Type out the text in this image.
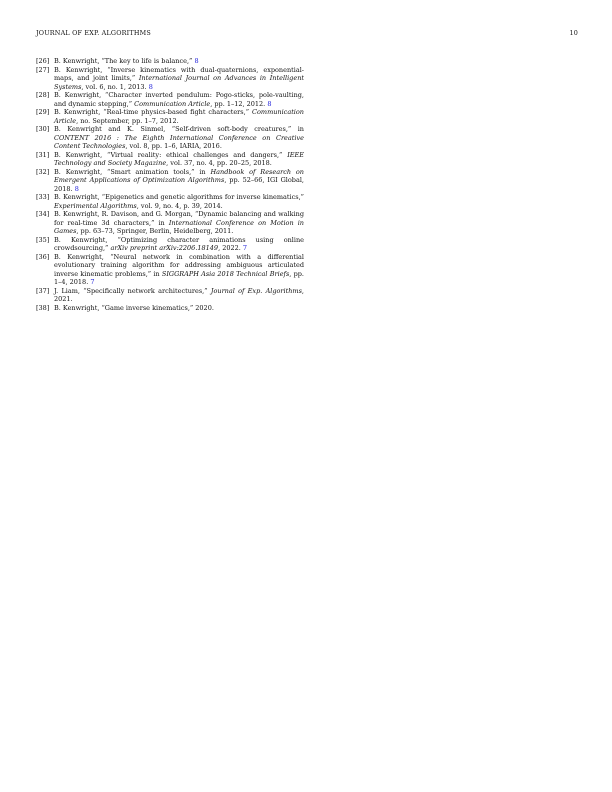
JOURNAL OF EXP. ALGORITHMS	10
[26] B. Kenwright, “The key to life is balance,” 8
[27] B. Kenwright, “Inverse kinematics with dual-quaternions, exponential-maps, and joint limits,” International Journal on Advances in Intelligent Systems, vol. 6, no. 1, 2013. 8
[28] B. Kenwright, “Character inverted pendulum: Pogo-sticks, pole-vaulting, and dynamic stepping,” Communication Article, pp. 1–12, 2012. 8
[29] B. Kenwright, “Real-time physics-based fight characters,” Communication Article, no. September, pp. 1–7, 2012.
[30] B. Kenwright and K. Sinmel, “Self-driven soft-body creatures,” in CONTENT 2016 : The Eighth International Conference on Creative Content Technologies, vol. 8, pp. 1–6, IARIA, 2016.
[31] B. Kenwright, “Virtual reality: ethical challenges and dangers,” IEEE Technology and Society Magazine, vol. 37, no. 4, pp. 20–25, 2018.
[32] B. Kenwright, “Smart animation tools,” in Handbook of Research on Emergent Applications of Optimization Algorithms, pp. 52–66, IGI Global, 2018. 8
[33] B. Kenwright, “Epigenetics and genetic algorithms for inverse kinematics,” Experimental Algorithms, vol. 9, no. 4, p. 39, 2014.
[34] B. Kenwright, R. Davison, and G. Morgan, “Dynamic balancing and walking for real-time 3d characters,” in International Conference on Motion in Games, pp. 63–73, Springer, Berlin, Heidelberg, 2011.
[35] B. Kenwright, “Optimizing character animations using online crowdsourcing,” arXiv preprint arXiv:2206.18149, 2022. 7
[36] B. Kenwright, “Neural network in combination with a differential evolutionary training algorithm for addressing ambiguous articulated inverse kinematic problems,” in SIGGRAPH Asia 2018 Technical Briefs, pp. 1–4, 2018. 7
[37] J. Liam, “Specifically network architectures,” Journal of Exp. Algorithms, 2021.
[38] B. Kenwright, “Game inverse kinematics,” 2020.
